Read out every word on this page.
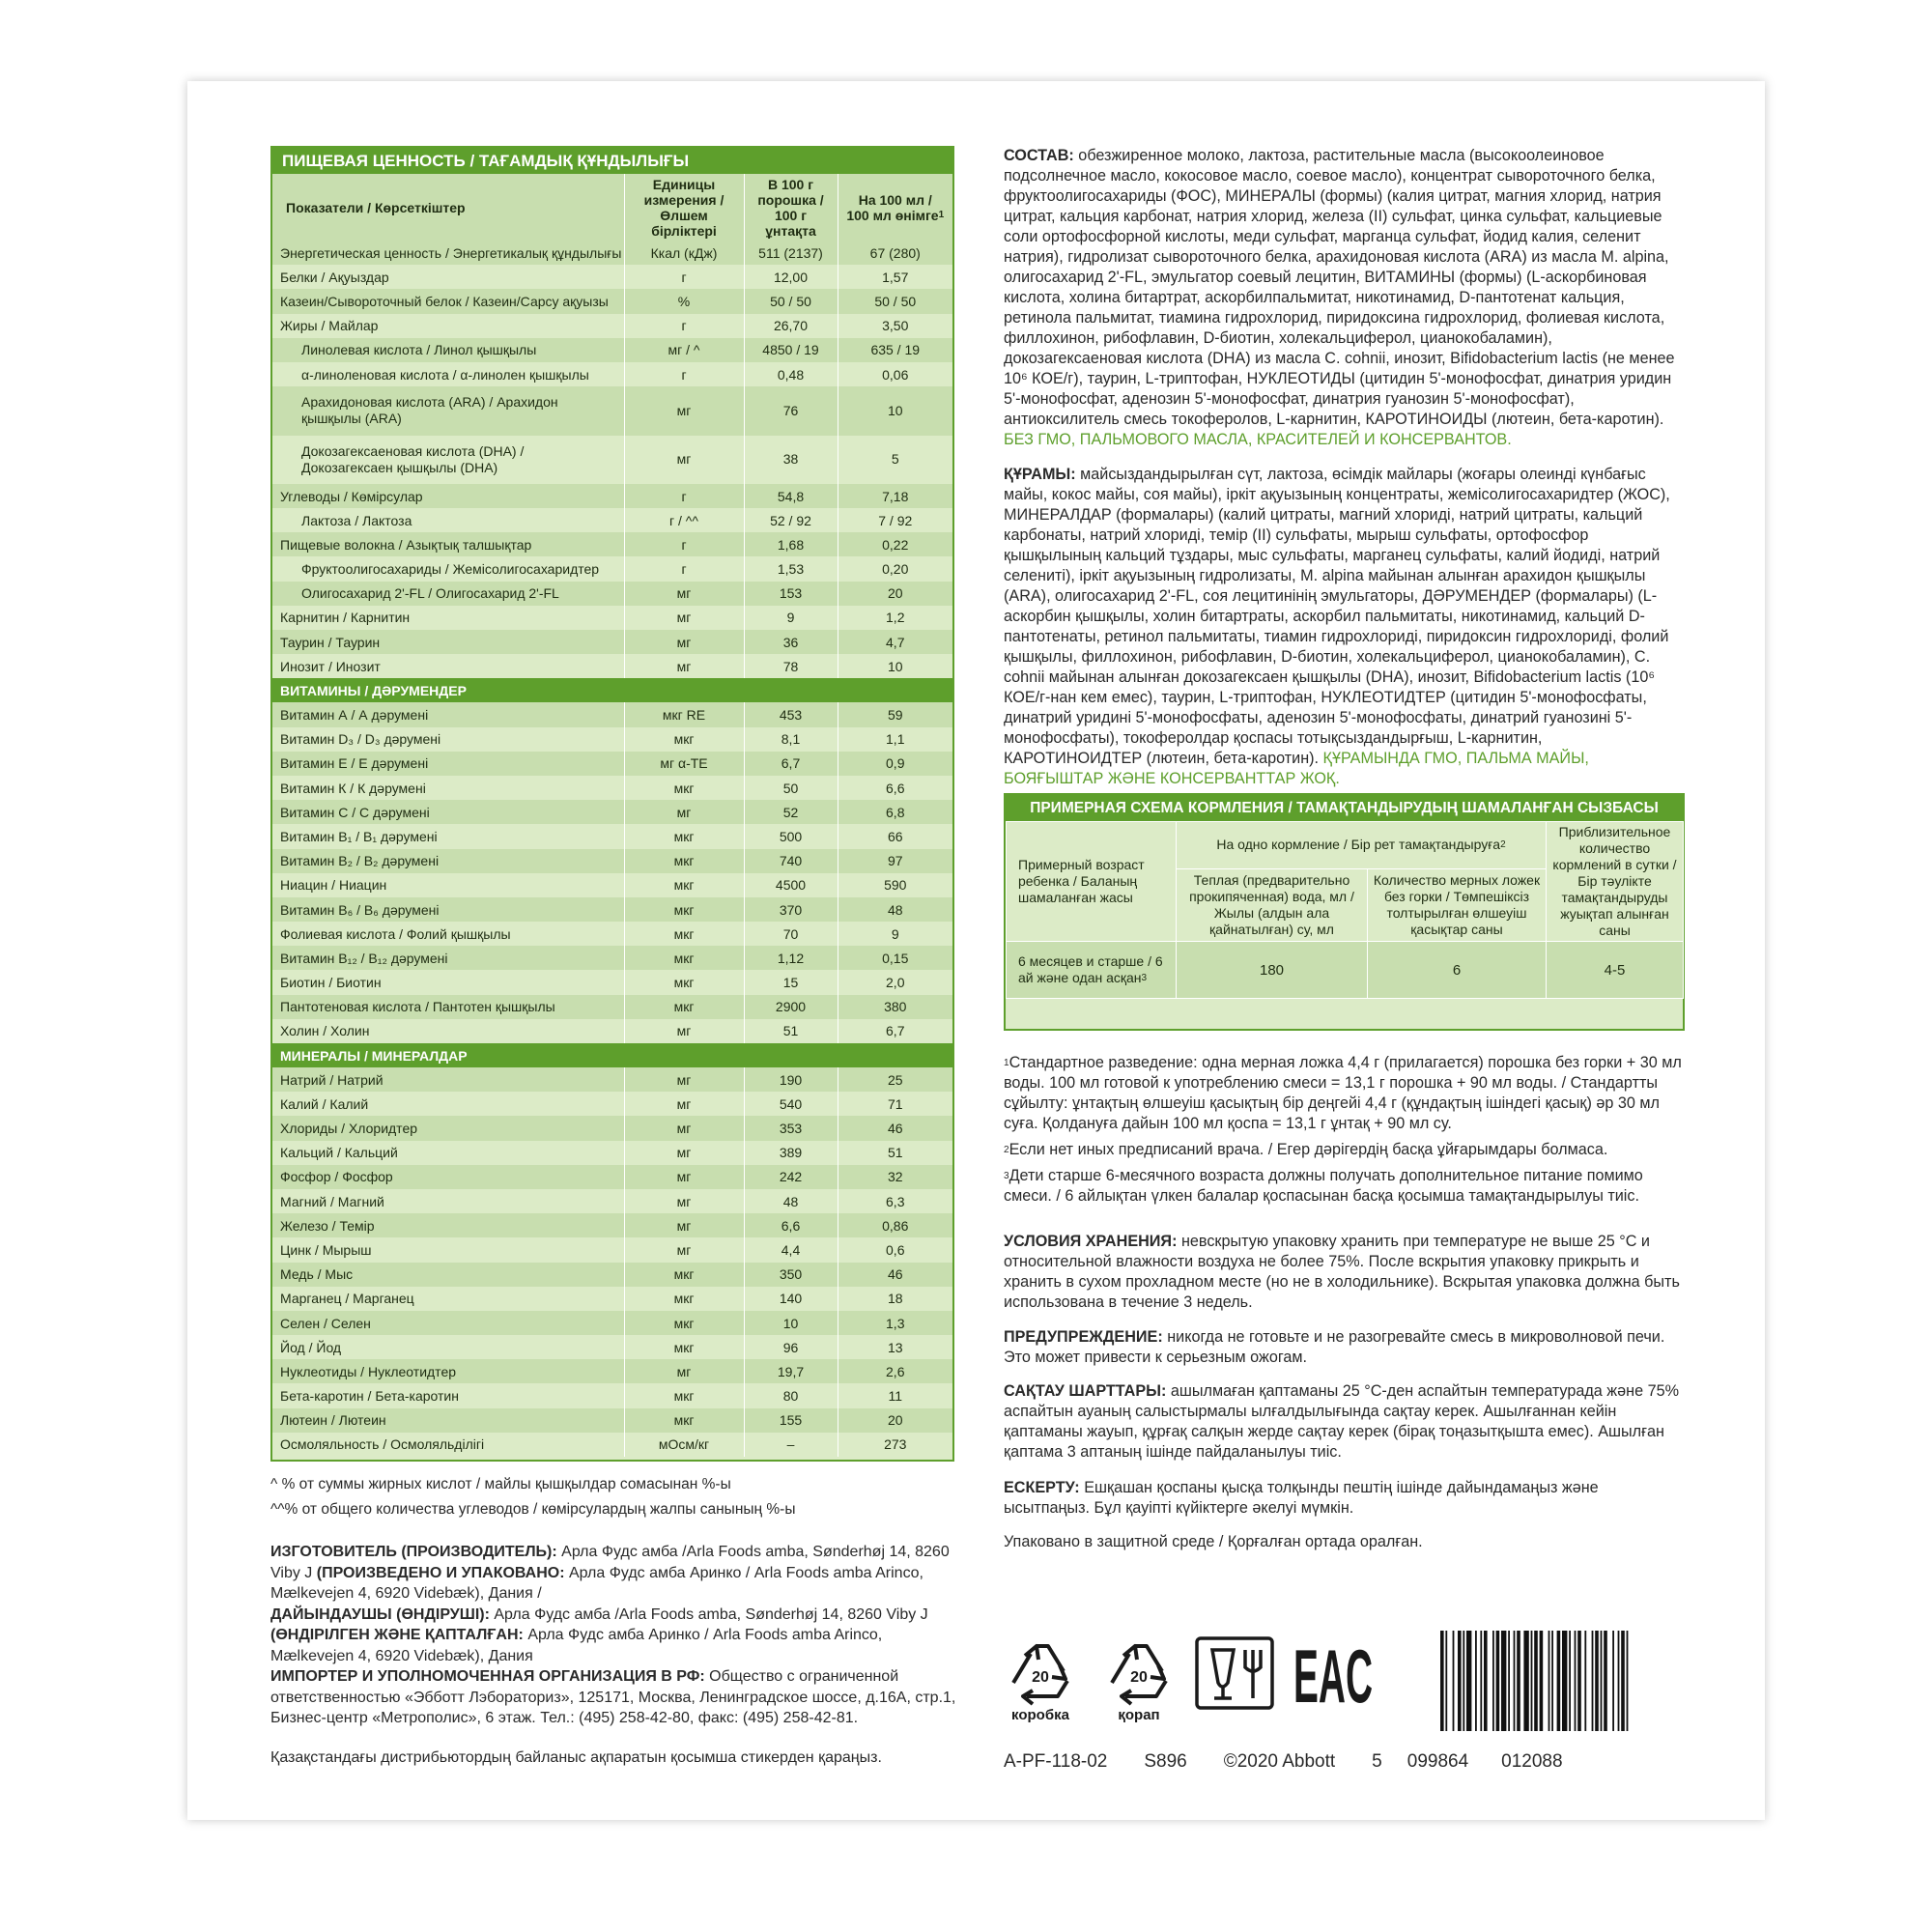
ПИЩЕВАЯ ЦЕННОСТЬ / ТАҒАМДЫҚ ҚҰНДЫЛЫҒЫ
Показатели / Көрсеткіштер	Единицы измерения / Өлшем бірліктері	В 100 г порошка / 100 г ұнтақта	На 100 мл / 100 мл өнімге$^1$
Энергетическая ценность / Энергетикалық құндылығы	Ккал (кДж)	511 (2137)	67 (280)
Белки / Ақуыздар	г	12,00	1,57
Казеин/Сывороточный белок / Казеин/Сарсу ақуызы	%	50 / 50	50 / 50
Жиры / Майлар	г	26,70	3,50
Линолевая кислота / Линол қышқылы	мг / ^	4850 / 19	635 / 19
α-линоленовая кислота / α-линолен қышқылы	г	0,48	0,06
Арахидоновая кислота (ARA) / Арахидон қышқылы (ARA)	мг	76	10
Докозагексаеновая кислота (DHA) / Докозагексаен қышқылы (DHA)	мг	38	5
Углеводы / Көмірсулар	г	54,8	7,18
Лактоза / Лактоза	г / ^^	52 / 92	7 / 92
Пищевые волокна / Азықтық талшықтар	г	1,68	0,22
Фруктоолигосахариды / Жемісолигосахаридтер	г	1,53	0,20
Олигосахарид 2'-FL / Олигосахарид 2'-FL	мг	153	20
Карнитин / Карнитин	мг	9	1,2
Таурин / Таурин	мг	36	4,7
Инозит / Инозит	мг	78	10
ВИТАМИНЫ / ДӘРУМЕНДЕР			
Витамин А / А дәрумені	мкг RE	453	59
Витамин D₃ / D₃ дәрумені	мкг	8,1	1,1
Витамин Е / Е дәрумені	мг α-TE	6,7	0,9
Витамин К / К дәрумені	мкг	50	6,6
Витамин С / С дәрумені	мг	52	6,8
Витамин В₁ / В₁ дәрумені	мкг	500	66
Витамин В₂ / В₂ дәрумені	мкг	740	97
Ниацин / Ниацин	мкг	4500	590
Витамин В₆ / В₆ дәрумені	мкг	370	48
Фолиевая кислота / Фолий қышқылы	мкг	70	9
Витамин В₁₂ / В₁₂ дәрумені	мкг	1,12	0,15
Биотин / Биотин	мкг	15	2,0
Пантотеновая кислота / Пантотен қышқылы	мкг	2900	380
Холин / Холин	мг	51	6,7
МИНЕРАЛЫ / МИНЕРАЛДАР			
Натрий / Натрий	мг	190	25
Калий / Калий	мг	540	71
Хлориды / Хлоридтер	мг	353	46
Кальций / Кальций	мг	389	51
Фосфор / Фосфор	мг	242	32
Магний / Магний	мг	48	6,3
Железо / Темір	мг	6,6	0,86
Цинк / Мырыш	мг	4,4	0,6
Медь / Мыс	мкг	350	46
Марганец / Марганец	мкг	140	18
Селен / Селен	мкг	10	1,3
Йод / Йод	мкг	96	13
Нуклеотиды / Нуклеотидтер	мг	19,7	2,6
Бета-каротин / Бета-каротин	мкг	80	11
Лютеин / Лютеин	мкг	155	20
Осмоляльность / Осмоляльділігі	мОсм/кг	–	273
^ % от суммы жирных кислот / майлы қышқылдар сомасынан %-ы
^^% от общего количества углеводов / көмірсулардың жалпы санының %-ы
ИЗГОТОВИТЕЛЬ (ПРОИЗВОДИТЕЛЬ): Арла Фудс амба /Arla Foods amba, Sønderhøj 14, 8260 Viby J (ПРОИЗВЕДЕНО И УПАКОВАНО: Арла Фудс амба Аринко / Arla Foods amba Arinco, Mælkevejen 4, 6920 Videbæk), Дания /
ДАЙЫНДАУШЫ (ӨНДІРУШІ): Арла Фудс амба /Arla Foods amba, Sønderhøj 14, 8260 Viby J (ӨНДІРІЛГЕН ЖӘНЕ ҚАПТАЛҒАН: Арла Фудс амба Аринко / Arla Foods amba Arinco, Mælkevejen 4, 6920 Videbæk), Дания
ИМПОРТЕР И УПОЛНОМОЧЕННАЯ ОРГАНИЗАЦИЯ В РФ: Общество с ограниченной ответственностью «Эбботт Лэбораториз», 125171, Москва, Ленинградское шоссе, д.16А, стр.1, Бизнес-центр «Метрополис», 6 этаж. Тел.: (495) 258-42-80, факс: (495) 258-42-81.
Қазақстандағы дистрибьютордың байланыс ақпаратын қосымша стикерден қараңыз.
СОСТАВ: обезжиренное молоко, лактоза, растительные масла (высокоолеиновое подсолнечное масло, кокосовое масло, соевое масло), концентрат сывороточного белка, фруктоолигосахариды (ФОС), МИНЕРАЛЫ (формы) (калия цитрат, магния хлорид, натрия цитрат, кальция карбонат, натрия хлорид, железа (II) сульфат, цинка сульфат, кальциевые соли ортофосфорной кислоты, меди сульфат, марганца сульфат, йодид калия, селенит натрия), гидролизат сывороточного белка, арахидоновая кислота (ARA) из масла M. alpina, олигосахарид 2'-FL, эмульгатор соевый лецитин, ВИТАМИНЫ (формы) (L-аскорбиновая кислота, холина битартрат, аскорбилпальмитат, никотинамид, D-пантотенат кальция, ретинола пальмитат, тиамина гидрохлорид, пиридоксина гидрохлорид, фолиевая кислота, филлохинон, рибофлавин, D-биотин, холекальциферол, цианокобаламин), докозагексаеновая кислота (DHA) из масла C. cohnii, инозит, Bifidobacterium lactis (не менее 10⁶ КОЕ/г), таурин, L-триптофан, НУКЛЕОТИДЫ (цитидин 5'-монофосфат, динатрия уридин 5'-монофосфат, аденозин 5'-монофосфат, динатрия гуанозин 5'-монофосфат), антиоксилитель смесь токоферолов, L-карнитин, КАРОТИНОИДЫ (лютеин, бета-каротин). БЕЗ ГМО, ПАЛЬМОВОГО МАСЛА, КРАСИТЕЛЕЙ И КОНСЕРВАНТОВ.
ҚҰРАМЫ: майсыздандырылған сүт, лактоза, өсімдік майлары (жоғары олеинді күнбағыс майы, кокос майы, соя майы), іркіт ақуызының концентраты, жемісолигосахаридтер (ЖОС), МИНЕРАЛДАР (формалары) (калий цитраты, магний хлориді, натрий цитраты, кальций карбонаты, натрий хлориді, темір (II) сульфаты, мырыш сульфаты, ортофосфор қышқылының кальций тұздары, мыс сульфаты, марганец сульфаты, калий йодиді, натрий селениті), іркіт ақуызының гидролизаты, M. alpina майынан алынған арахидон қышқылы (ARA), олигосахарид 2'-FL, соя лецитинінің эмульгаторы, ДӘРУМЕНДЕР (формалары) (L-аскорбин қышқылы, холин битартраты, аскорбил пальмитаты, никотинамид, кальций D-пантотенаты, ретинол пальмитаты, тиамин гидрохлориді, пиридоксин гидрохлориді, фолий қышқылы, филлохинон, рибофлавин, D-биотин, холекальциферол, цианокобаламин), C. cohnii майынан алынған докозагексаен қышқылы (DHA), инозит, Bifidobacterium lactis (10⁶ КОЕ/г-нан кем емес), таурин, L-триптофан, НУКЛЕОТИДТЕР (цитидин 5'-монофосфаты, динатрий уридині 5'-монофосфаты, аденозин 5'-монофосфаты, динатрий гуанозині 5'-монофосфаты), токоферолдар қоспасы тотықсыздандырғыш, L-карнитин, КАРОТИНОИДТЕР (лютеин, бета-каротин). ҚҰРАМЫНДА ГМО, ПАЛЬМА МАЙЫ, БОЯҒЫШТАР ЖӘНЕ КОНСЕРВАНТТАР ЖОҚ.
ПРИМЕРНАЯ СХЕМА КОРМЛЕНИЯ / ТАМАҚТАНДЫРУДЫҢ ШАМАЛАНҒАН СЫЗБАСЫ
Примерный возраст ребенка / Баланың шамаланған жасы	На одно кормление / Бір рет тамақтандыруға$^2$		Приблизительное количество кормлений в сутки / Бір тәулікте тамақтандыруды жуықтап алынған саны
	Теплая (предварительно прокипяченная) вода, мл / Жылы (алдын ала қайнатылған) су, мл	Количество мерных ложек без горки / Төмпешіксіз толтырылған өлшеуіш қасықтар саны	
6 месяцев и старше / 6 ай және одан асқан$^3$	180	6	4-5
$^1$Стандартное разведение: одна мерная ложка 4,4 г (прилагается) порошка без горки + 30 мл воды. 100 мл готовой к употреблению смеси = 13,1 г порошка + 90 мл воды. / Стандартты сұйылту: ұнтақтың өлшеуіш қасықтың бір деңгейі 4,4 г (құндақтың ішіндегі қасық) әр 30 мл суға. Қолдануға дайын 100 мл қоспа = 13,1 г ұнтақ + 90 мл су.
$^2$Если нет иных предписаний врача. / Егер дәрігердің басқа ұйғарымдары болмаса.
$^3$Дети старше 6-месячного возраста должны получать дополнительное питание помимо смеси. / 6 айлықтан үлкен балалар қоспасынан басқа қосымша тамақтандырылуы тиіс.
УСЛОВИЯ ХРАНЕНИЯ: невскрытую упаковку хранить при температуре не выше 25 °С и относительной влажности воздуха не более 75%. После вскрытия упаковку прикрыть и хранить в сухом прохладном месте (но не в холодильнике). Вскрытая упаковка должна быть использована в течение 3 недель.
ПРЕДУПРЕЖДЕНИЕ: никогда не готовьте и не разогревайте смесь в микроволновой печи. Это может привести к серьезным ожогам.
САҚТАУ ШАРТТАРЫ: ашылмаған қаптаманы 25 °С-ден аспайтын температурада және 75% аспайтын ауаның салыстырмалы ылғалдылығында сақтау керек. Ашылғаннан кейін қаптаманы жауып, құрғақ салқын жерде сақтау керек (бірақ тоңазытқышта емес). Ашылған қаптама 3 аптаның ішінде пайдаланылуы тиіс.
ЕСКЕРТУ: Ешқашан қоспаны қысқа толқынды пештің ішінде дайындамаңыз және ысытпаңыз. Бұл қауіпті күйіктерге әкелуі мүмкін.
Упаковано в защитной среде / Қорғалған ортада оралған.
20
коробка
20
қорап EAC
A-PF-118-02 S896 ©2020 Abbott 5 099864 012088
